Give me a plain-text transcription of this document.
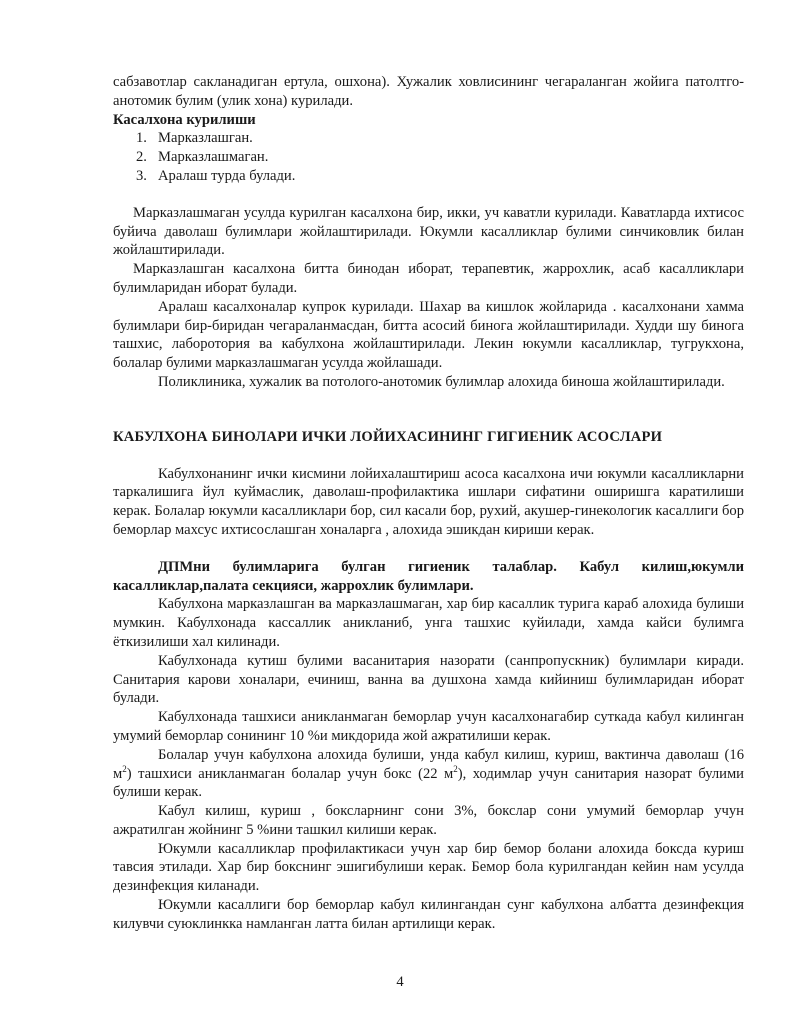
сабзавотлар сакланадиган ертула, ошхона). Хужалик ховлисининг чегараланган жойига патолтго-анотомик булим (улик хона) курилади.

Касалхона курилиши

1. Марказлашган.
2. Марказлашмаган.
3. Аралаш турда булади.

Марказлашмаган усулда курилган касалхона бир, икки, уч каватли курилади. Каватларда ихтисос буйича даволаш булимлари жойлаштирилади. Юкумли касалликлар булими синчиковлик билан жойлаштирилади.

Марказлашган касалхона битта бинодан иборат, терапевтик, жаррохлик, асаб касалликлари булимларидан иборат булади.

Аралаш касалхоналар купрок курилади. Шахар ва кишлок жойларида . касалхонани хамма булимлари бир-биридан чегараланмасдан, битта асосий бинога жойлаштирилади. Худди шу бинога ташхис, лаборотория ва кабулхона жойлаштирилади. Лекин юкумли касалликлар, тугрукхона, болалар булими марказлашмаган усулда жойлашади.

Поликлиника, хужалик ва потолого-анотомик булимлар алохида биноша жойлаштирилади.

КАБУЛХОНА БИНОЛАРИ ИЧКИ ЛОЙИХАСИНИНГ ГИГИЕНИК АСОСЛАРИ

Кабулхонанинг ички кисмини лойихалаштириш асоса касалхона ичи юкумли касалликларни таркалишига йул куймаслик, даволаш-профилактика ишлари сифатини оширишга каратилиши керак. Болалар юкумли касалликлари бор, сил касали бор, рухий, акушер-гинекологик касаллиги бор беморлар махсус ихтисослашган хоналарга , алохида эшикдан кириши керак.

ДПМни булимларига булган гигиеник талаблар. Кабул килиш,юкумли касалликлар,палата секцияси, жаррохлик булимлари.

Кабулхона марказлашган ва марказлашмаган, хар бир касаллик турига караб алохида булиши мумкин. Кабулхонада кассаллик аникланиб, унга ташхис куйилади, хамда кайси булимга ёткизилиши хал килинади.

Кабулхонада кутиш булими васанитария назорати (санпропускник) булимлари киради. Санитария карови хоналари, ечиниш, ванна ва душхона хамда кийиниш булимларидан иборат булади.

Кабулхонада ташхиси аникланмаган беморлар учун касалхонагабир суткада кабул килинган умумий беморлар сонининг 10 %и микдорида жой ажратилиши керак.

Болалар учун кабулхона алохида булиши, унда кабул килиш, куриш, вактинча даволаш (16 $м^2$) ташхиси аникланмаган болалар учун бокс (22 $м^2$), ходимлар учун санитария назорат булими булиши керак.

Кабул килиш, куриш , боксларнинг сони 3%, бокслар сони умумий беморлар учун ажратилган жойнинг 5 %ини ташкил килиши керак.

Юкумли касалликлар профилактикаси учун хар бир бемор болани алохида боксда куриш тавсия этилади. Хар бир бокснинг эшигибулиши керак. Бемор бола курилгандан кейин нам усулда дезинфекция киланади.

Юкумли касаллиги бор беморлар кабул килингандан сунг кабулхона албатта дезинфекция килувчи суюклинкка намланган латта билан артилищи керак.

4
